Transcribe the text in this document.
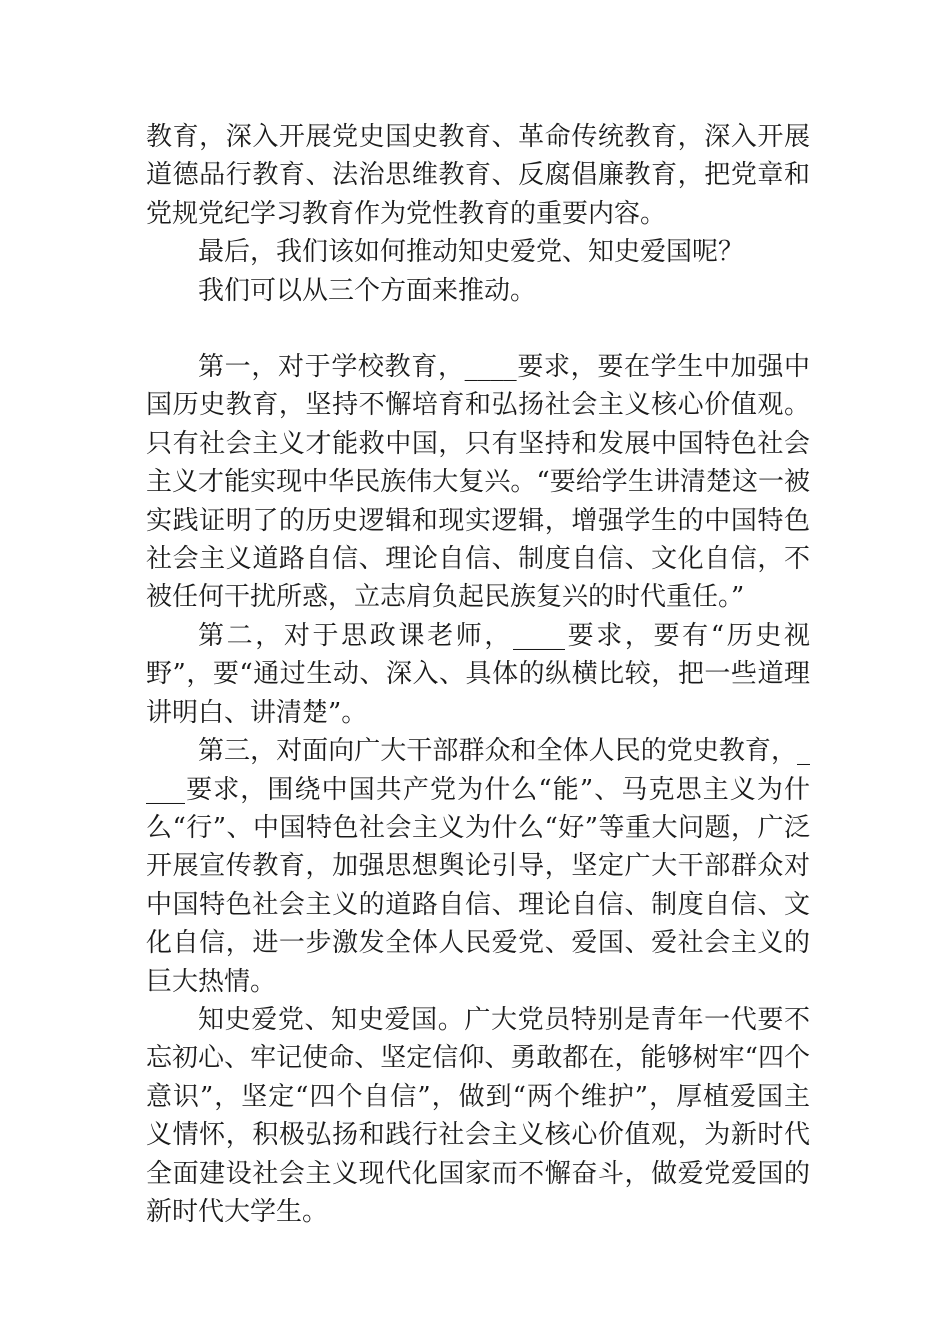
教育，深入开展党史国史教育、革命传统教育，深入开展道德品行教育、法治思维教育、反腐倡廉教育，把党章和党规党纪学习教育作为党性教育的重要内容。

最后，我们该如何推动知史爱党、知史爱国呢？

我们可以从三个方面来推动。

第一，对于学校教育，____要求，要在学生中加强中国历史教育，坚持不懈培育和弘扬社会主义核心价值观。只有社会主义才能救中国，只有坚持和发展中国特色社会主义才能实现中华民族伟大复兴。“要给学生讲清楚这一被实践证明了的历史逻辑和现实逻辑，增强学生的中国特色社会主义道路自信、理论自信、制度自信、文化自信，不被任何干扰所惑，立志肩负起民族复兴的时代重任。”

第二，对于思政课老师，____要求，要有“历史视野”，要“通过生动、深入、具体的纵横比较，把一些道理讲明白、讲清楚”。

第三，对面向广大干部群众和全体人民的党史教育，____要求，围绕中国共产党为什么“能”、马克思主义为什么“行”、中国特色社会主义为什么“好”等重大问题，广泛开展宣传教育，加强思想舆论引导，坚定广大干部群众对中国特色社会主义的道路自信、理论自信、制度自信、文化自信，进一步激发全体人民爱党、爱国、爱社会主义的巨大热情。

知史爱党、知史爱国。广大党员特别是青年一代要不忘初心、牢记使命、坚定信仰、勇敢都在，能够树牢“四个意识”，坚定“四个自信”，做到“两个维护”，厚植爱国主义情怀，积极弘扬和践行社会主义核心价值观，为新时代全面建设社会主义现代化国家而不懈奋斗，做爱党爱国的新时代大学生。
